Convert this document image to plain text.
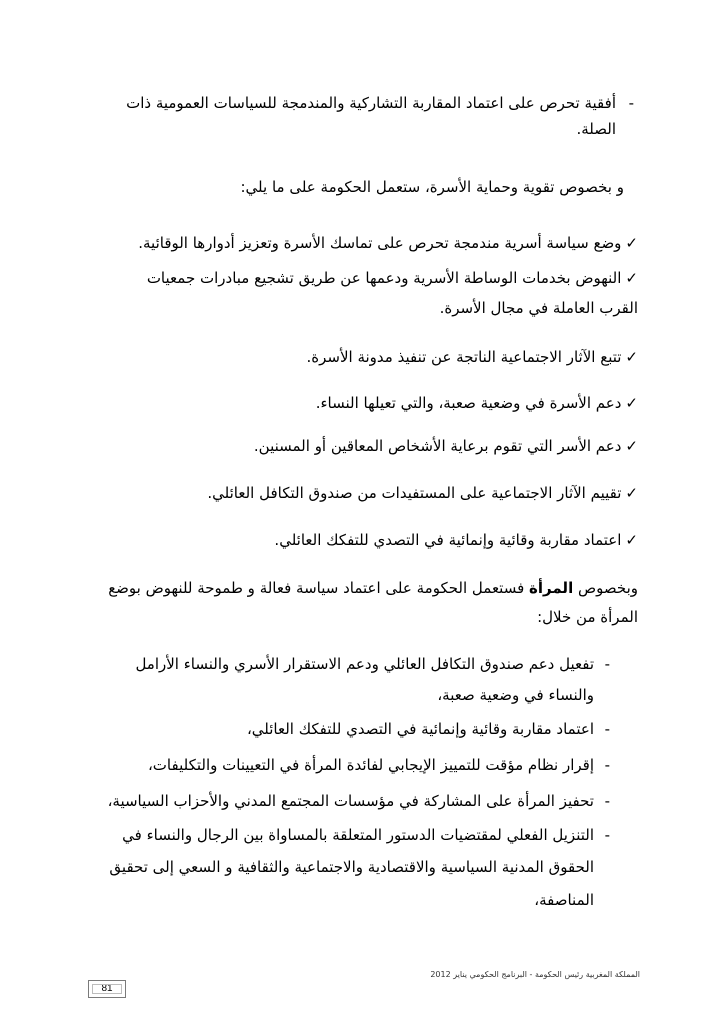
-
أفقية تحرص على اعتماد المقاربة التشاركية والمندمجة للسياسات العمومية ذات
الصلة.
و بخصوص تقوية وحماية الأسرة، ستعمل الحكومة على ما يلي:
✓وضع سياسة أسرية مندمجة تحرص على تماسك الأسرة وتعزيز أدوارها الوقائية.
✓النهوض بخدمات الوساطة الأسرية ودعمها عن طريق تشجيع مبادرات جمعيات
القرب العاملة في مجال الأسرة.
✓تتبع الآثار الاجتماعية الناتجة عن تنفيذ مدونة الأسرة.
✓دعم الأسرة في وضعية صعبة، والتي تعيلها النساء.
✓دعم الأسر التي تقوم برعاية الأشخاص المعاقين أو المسنين.
✓تقييم الآثار الاجتماعية على المستفيدات من صندوق التكافل العائلي.
✓اعتماد مقاربة وقائية وإنمائية في التصدي للتفكك العائلي.
وبخصوص المرأة فستعمل الحكومة على اعتماد سياسة فعالة و طموحة للنهوض بوضع
المرأة من خلال:
-
تفعيل دعم صندوق التكافل العائلي ودعم الاستقرار الأسري والنساء الأرامل
والنساء في وضعية صعبة،
-
اعتماد مقاربة وقائية وإنمائية في التصدي للتفكك العائلي،
-
إقرار نظام مؤقت للتمييز الإيجابي لفائدة المرأة في التعيينات والتكليفات،
-
تحفيز المرأة على المشاركة في مؤسسات المجتمع المدني والأحزاب السياسية،
-
التنزيل الفعلي لمقتضيات الدستور المتعلقة بالمساواة بين الرجال والنساء في
الحقوق المدنية السياسية والاقتصادية والاجتماعية والثقافية و السعي إلى تحقيق
المناصفة،
المملكة المغربية رئيس الحكومة - البرنامج الحكومي يناير 2012
81
